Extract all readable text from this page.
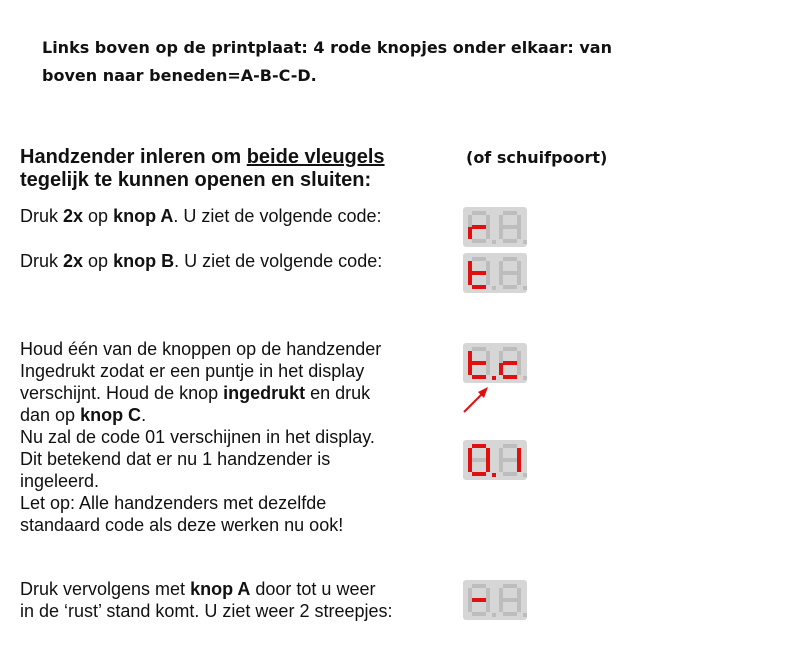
Links boven op de printplaat: 4 rode knopjes onder elkaar: van
boven naar beneden=A-B-C-D.
Handzender inleren om beide vleugels
tegelijk te kunnen openen en sluiten:
(of schuifpoort)
Druk 2x op knop A. U ziet de volgende code:
Druk 2x op knop B. U ziet de volgende code:
Houd één van de knoppen op de handzender
Ingedrukt zodat er een puntje in het display
verschijnt. Houd de knop ingedrukt en druk
dan op knop C.
Nu zal de code 01 verschijnen in het display.
Dit betekend dat er nu 1 handzender is
ingeleerd.
Let op: Alle handzenders met dezelfde
standaard code als deze werken nu ook!
Druk vervolgens met knop A door tot u weer
in de ‘rust’ stand komt. U ziet weer 2 streepjes:
